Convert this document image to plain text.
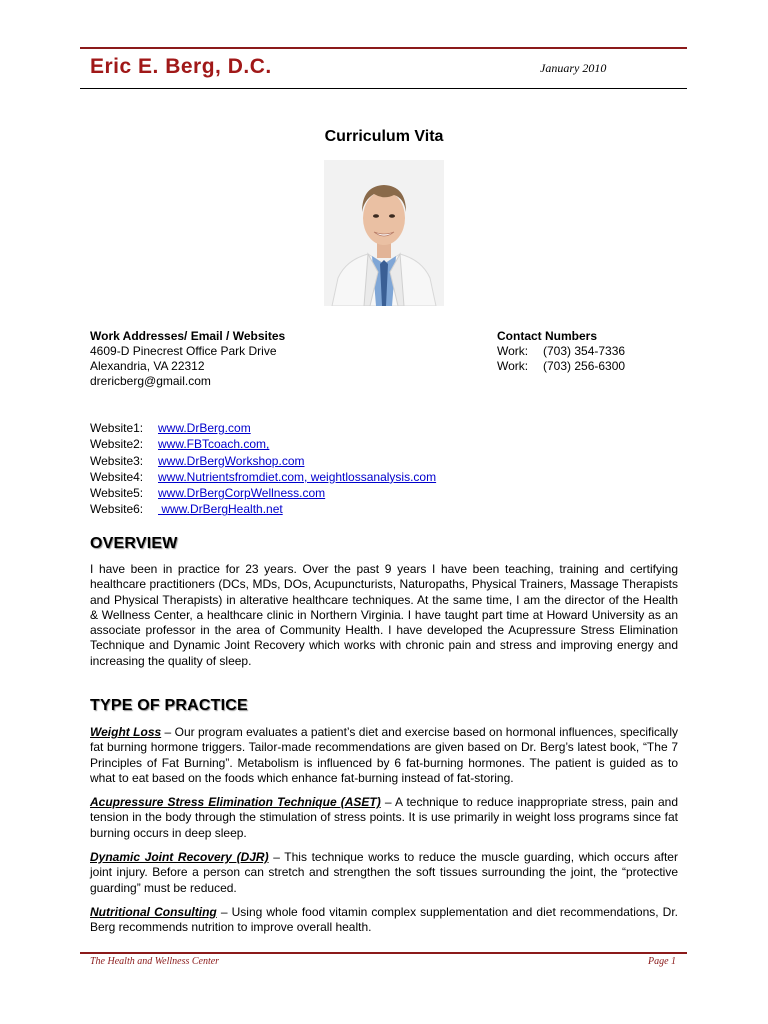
Eric E. Berg, D.C.	January 2010
Curriculum Vita
Work Addresses/ Email / Websites
4609-D Pinecrest Office Park Drive
Alexandria, VA 22312
drericberg@gmail.com
Contact Numbers
Work: (703) 354-7336
Work: (703) 256-6300
Website1: www.DrBerg.com
Website2: www.FBTcoach.com,
Website3: www.DrBergWorkshop.com
Website4: www.Nutrientsfromdiet.com, weightlossanalysis.com
Website5: www.DrBergCorpWellness.com
Website6: www.DrBergHealth.net
OVERVIEW
I have been in practice for 23 years. Over the past 9 years I have been teaching, training and certifying healthcare practitioners (DCs, MDs, DOs, Acupuncturists, Naturopaths, Physical Trainers, Massage Therapists and Physical Therapists) in alterative healthcare techniques. At the same time, I am the director of the Health & Wellness Center, a healthcare clinic in Northern Virginia. I have taught part time at Howard University as an associate professor in the area of Community Health. I have developed the Acupressure Stress Elimination Technique and Dynamic Joint Recovery which works with chronic pain and stress and improving energy and increasing the quality of sleep.
TYPE OF PRACTICE
Weight Loss – Our program evaluates a patient’s diet and exercise based on hormonal influences, specifically fat burning hormone triggers. Tailor-made recommendations are given based on Dr. Berg’s latest book, “The 7 Principles of Fat Burning”. Metabolism is influenced by 6 fat-burning hormones. The patient is guided as to what to eat based on the foods which enhance fat-burning instead of fat-storing.
Acupressure Stress Elimination Technique (ASET) – A technique to reduce inappropriate stress, pain and tension in the body through the stimulation of stress points. It is use primarily in weight loss programs since fat burning occurs in deep sleep.
Dynamic Joint Recovery (DJR) – This technique works to reduce the muscle guarding, which occurs after joint injury. Before a person can stretch and strengthen the soft tissues surrounding the joint, the “protective guarding” must be reduced.
Nutritional Consulting – Using whole food vitamin complex supplementation and diet recommendations, Dr. Berg recommends nutrition to improve overall health.
The Health and Wellness Center	Page 1
